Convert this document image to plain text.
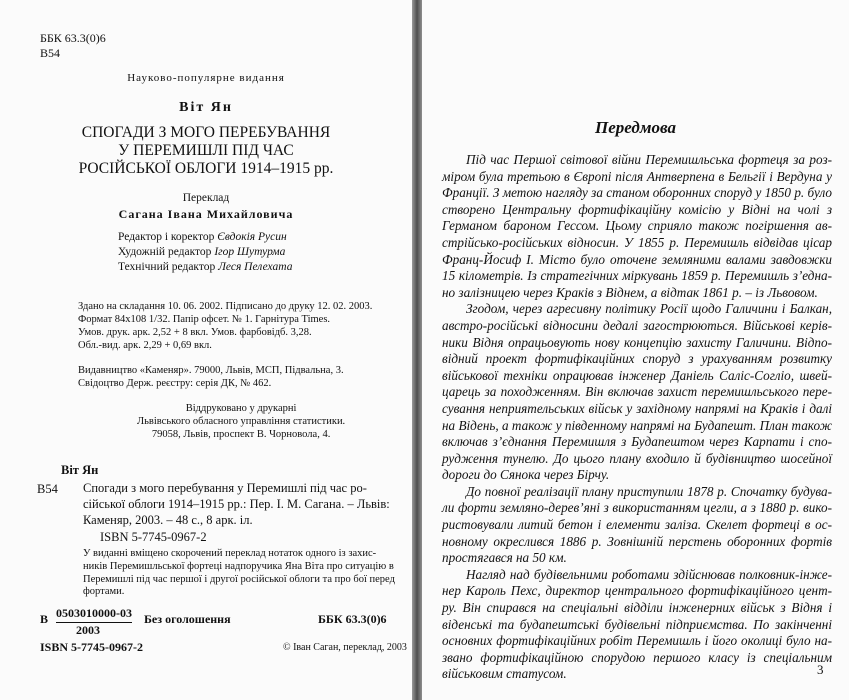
ББК 63.3(0)6
В54
Науково-популярне видання
Віт Ян
СПОГАДИ З МОГО ПЕРЕБУВАННЯ
У ПЕРЕМИШЛІ ПІД ЧАС
РОСІЙСЬКОЇ ОБЛОГИ 1914–1915 рр.
Переклад
Сагана Івана Михайловича
Редактор і коректор Євдокія Русин
Художній редактор Ігор Шутурма
Технічний редактор Леся Пелехата
Здано на складання 10. 06. 2002. Підписано до друку 12. 02. 2003.
Формат 84x108 1/32. Папір офсет. № 1. Гарнітура Times.
Умов. друк. арк. 2,52 + 8 вкл. Умов. фарбовідб. 3,28.
Обл.-вид. арк. 2,29 + 0,69 вкл.
Видавництво «Каменяр». 79000, Львів, МСП, Підвальна, 3.
Свідоцтво Держ. реєстру: серія ДК, № 462.
Віддруковано у друкарні
Львівського обласного управління статистики.
79058, Львів, проспект В. Чорновола, 4.
Віт Ян
В54 Спогади з мого перебування у Перемишлі під час ро-

сійської облоги 1914–1915 рр.: Пер. І. М. Сагана. – Львів:

Каменяр, 2003. – 48 с., 8 арк. іл.

ISBN 5-7745-0967-2
У виданні вміщено скорочений переклад нотаток одного із захис-
ників Перемишльської фортеці надпоручика Яна Віта про ситуацію в
Перемишлі під час першої і другої російської облоги та про бої перед
фортами.
В 0503010000-03
2003
Без оголошення	ББК 63.3(0)6
ISBN 5-7745-0967-2	© Іван Саган, переклад, 2003
Передмова

Під час Першої світової війни Перемишльська фортеця за роз- міром була третьою в Європі після Антверпена в Бельгії і Вердуна у Франції. З метою нагляду за станом оборонних споруд у 1850 р. було створено Центральну фортифікаційну комісію у Відні на чолі з Германом бароном Гессом. Цьому сприяло також погіршення ав- стрійсько-російських відносин. У 1855 р. Перемишль відвідав цісар Франц-Йосиф І. Місто було оточене земляними валами завдовжки 15 кілометрів. Із стратегічних міркувань 1859 р. Перемишль з’една- но залізницею через Краків з Віднем, а відтак 1861 р. – із Львовом.

Згодом, через агресивну політику Росії щодо Галичини і Балкан, австро-російські відносини дедалі загострюються. Військові керів- ники Відня опрацьовують нову концепцію захисту Галичини. Відпо- відний проект фортифікаційних споруд з урахуванням розвитку військової техніки опрацював інженер Даніель Саліс-Соглio, швей- царець за походженням. Він включав захист перемишльського пере- сування неприятельських військ у західному напрямі на Краків і далі на Відень, а також у південному напрямі на Будапешт. План також включав з’єднання Перемишля з Будапештом через Карпати і спо- рудження тунелю. До цього плану входило й будівництво шосейної дороги до Сянока через Бірчу.

До повної реалізації плану приступили 1878 р. Спочатку будува- ли форти земляно-дерев’яні з використанням цегли, а з 1880 р. вико- ристовували литий бетон і елементи заліза. Скелет фортеці в ос- новному окреслився 1886 р. Зовнішній перстень оборонних фортів простягався на 50 км.

Нагляд над будівельними роботами здійснював полковник-інже- нер Кароль Пехс, директор центрального фортифікаційного цент- ру. Він спирався на спеціальні відділи інженерних військ з Відня і віденські та будапештські будівельні підприємства. По закінченні основних фортифікаційних робіт Перемишль і його околиці було на- звано фортифікаційною спорудою першого класу із спеціальним військовим статусом.	3
